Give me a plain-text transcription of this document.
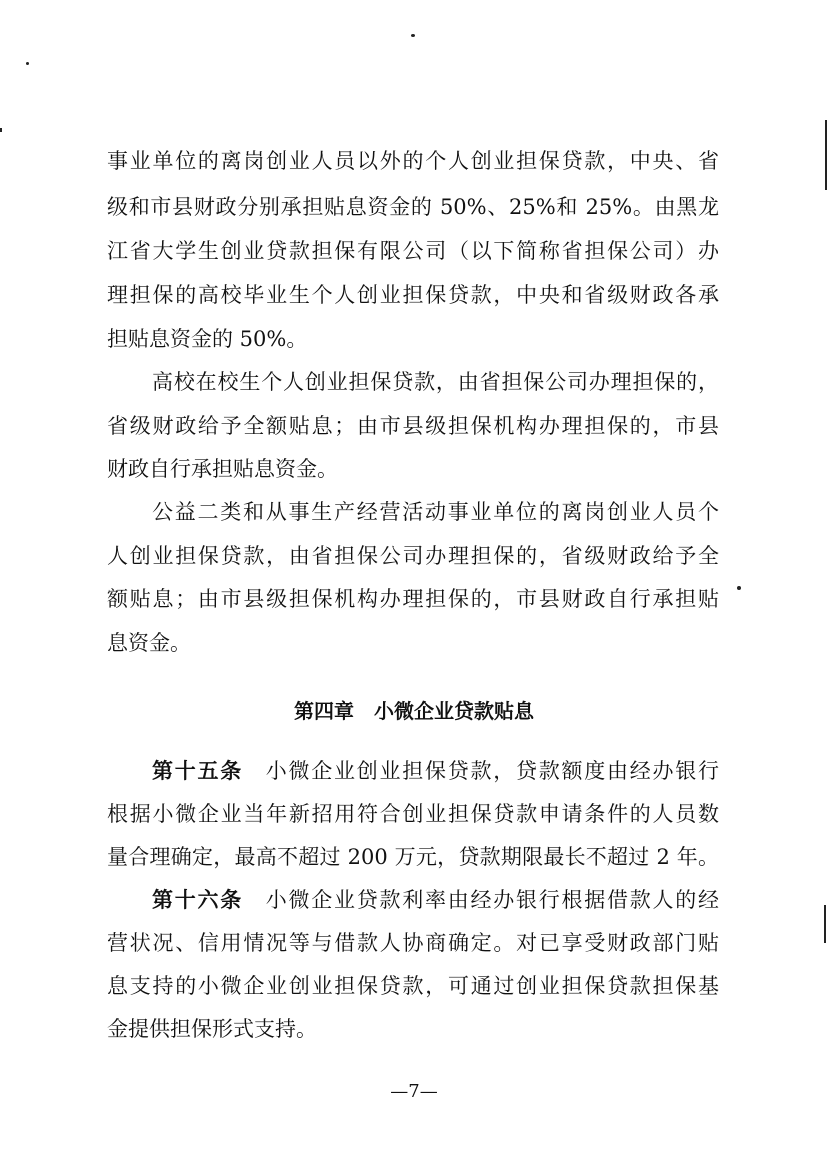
事业单位的离岗创业人员以外的个人创业担保贷款，中央、省
级和市县财政分别承担贴息资金的 50%、25%和 25%。由黑龙
江省大学生创业贷款担保有限公司（以下简称省担保公司）办
理担保的高校毕业生个人创业担保贷款，中央和省级财政各承
担贴息资金的 50%。
高校在校生个人创业担保贷款，由省担保公司办理担保的，
省级财政给予全额贴息；由市县级担保机构办理担保的，市县
财政自行承担贴息资金。
公益二类和从事生产经营活动事业单位的离岗创业人员个
人创业担保贷款，由省担保公司办理担保的，省级财政给予全
额贴息；由市县级担保机构办理担保的，市县财政自行承担贴
息资金。
第四章　小微企业贷款贴息
第十五条　 小微企业创业担保贷款，贷款额度由经办银行
根据小微企业当年新招用符合创业担保贷款申请条件的人员数
量合理确定，最高不超过 200 万元，贷款期限最长不超过 2 年。
第十六条　 小微企业贷款利率由经办银行根据借款人的经
营状况、信用情况等与借款人协商确定。对已享受财政部门贴
息支持的小微企业创业担保贷款，可通过创业担保贷款担保基
金提供担保形式支持。
—7—
